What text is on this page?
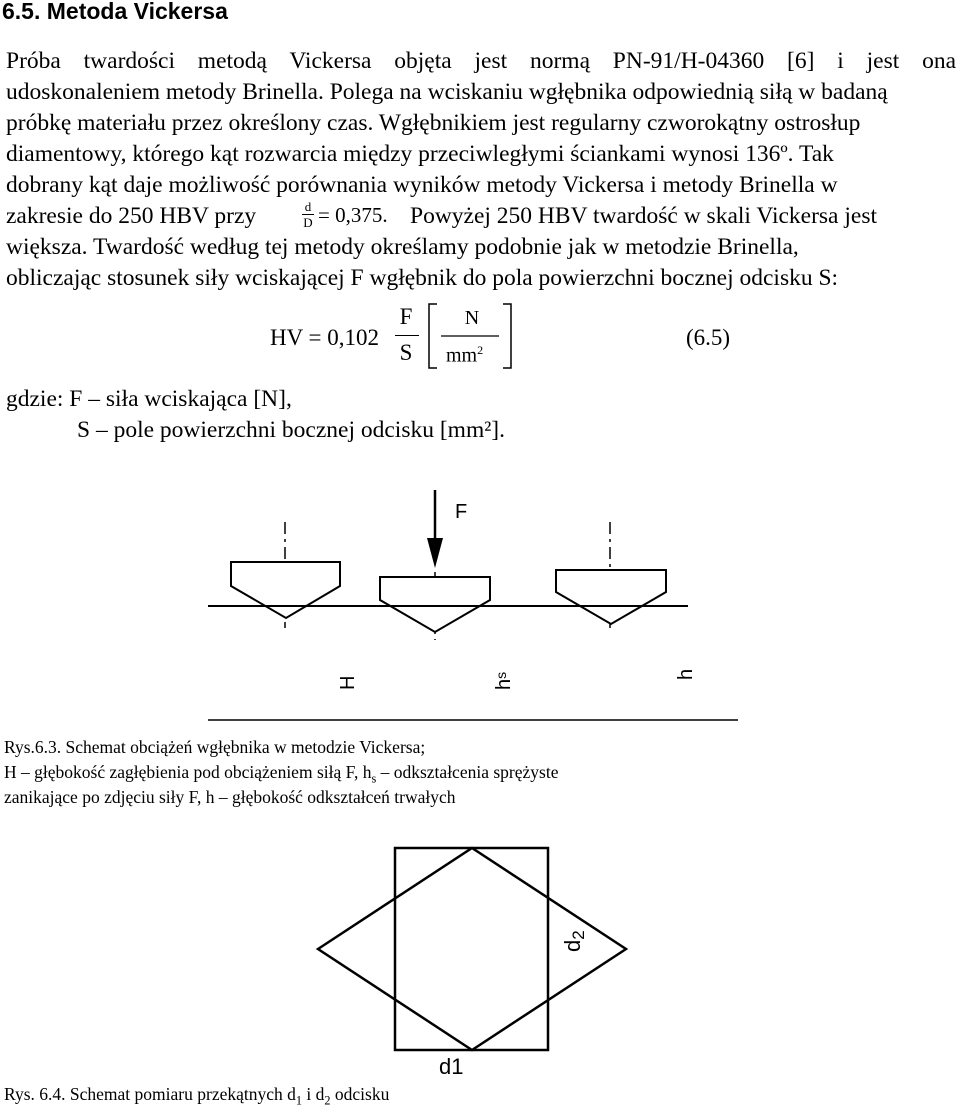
6.5. Metoda Vickersa
Próba twardości metodą Vickersa objęta jest normą PN-91/H-04360 [6] i jest ona
udoskonaleniem metody Brinella. Polega na wciskaniu wgłębnika odpowiednią siłą w badaną
próbkę materiału przez określony czas. Wgłębnikiem jest regularny czworokątny ostrosłup
diamentowy, którego kąt rozwarcia między przeciwległymi ściankami wynosi 136º. Tak
dobrany kąt daje możliwość porównania wyników metody Vickersa i metody Brinella w
zakresie do 250 HBV przy	$\frac{d}{D} = 0,375$. Powyżej 250 HBV twardość w skali Vickersa jest
większa. Twardość według tej metody określamy podobnie jak w metodzie Brinella,
obliczając stosunek siły wciskającej F wgłębnik do pola powierzchni bocznej odcisku S:
HV = 0,102
F
S
N
$mm^2$	(6.5)
gdzie: F – siła wciskająca [N],
S – pole powierzchni bocznej odcisku [mm²].
F
H	$h^s$	h
Rys.6.3. Schemat obciążeń wgłębnika w metodzie Vickersa;
H – głębokość zagłębienia pod obciążeniem siłą F, $h_s$ – odkształcenia sprężyste
zanikające po zdjęciu siły F, h – głębokość odkształceń trwałych
d2
d1
Rys. 6.4. Schemat pomiaru przekątnych $d_1$ i $d_2$ odcisku
